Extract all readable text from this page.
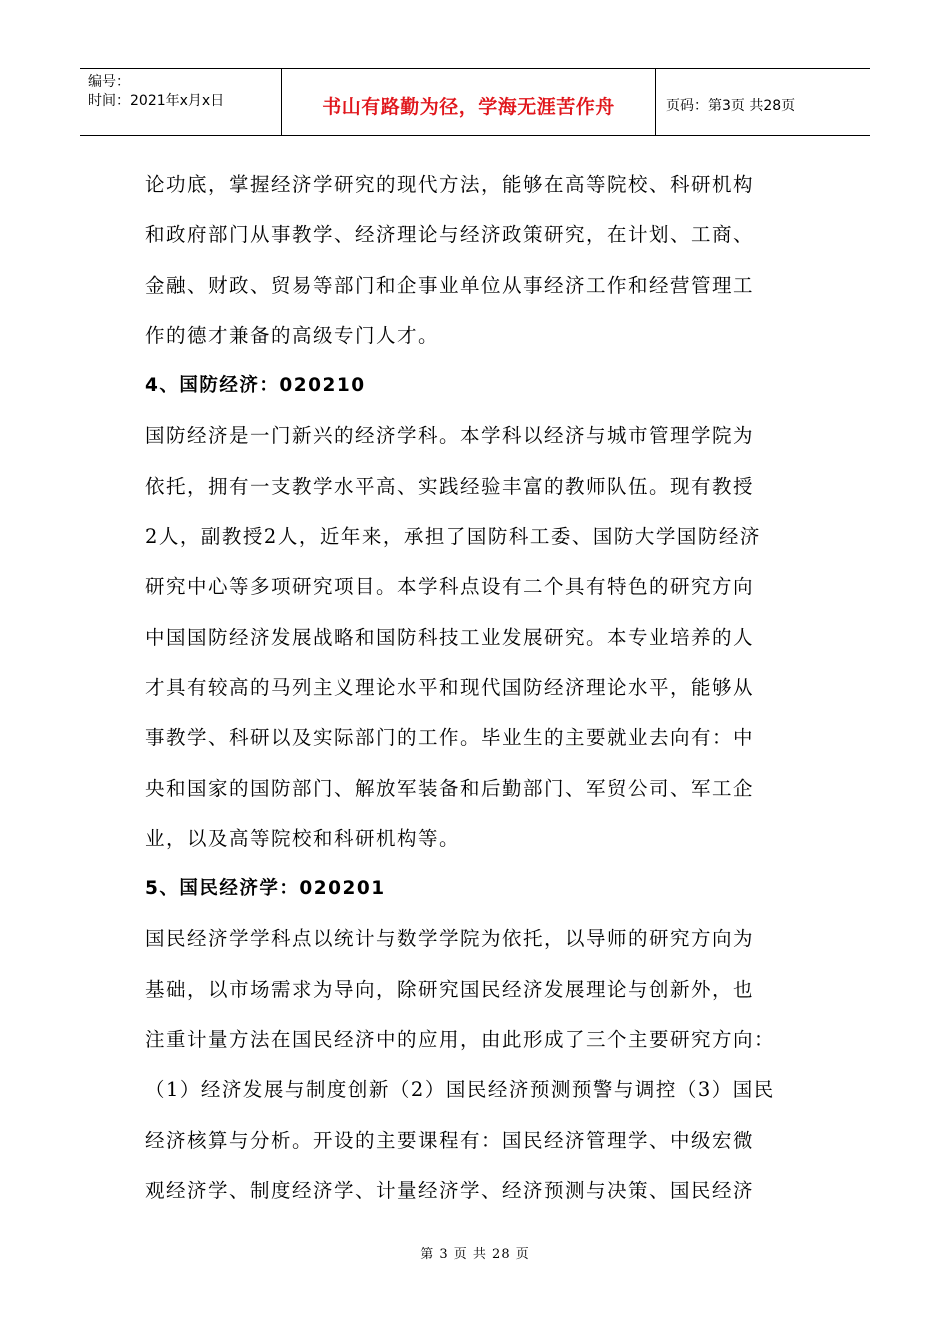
编号：
时间：2021年x月x日	书山有路勤为径，学海无涯苦作舟	页码：第3页 共28页
论功底，掌握经济学研究的现代方法，能够在高等院校、科研机构
和政府部门从事教学、经济理论与经济政策研究，在计划、工商、
金融、财政、贸易等部门和企事业单位从事经济工作和经营管理工
作的德才兼备的高级专门人才。
4、国防经济：020210
国防经济是一门新兴的经济学科。本学科以经济与城市管理学院为
依托，拥有一支教学水平高、实践经验丰富的教师队伍。现有教授
2人，副教授2人，近年来，承担了国防科工委、国防大学国防经济
研究中心等多项研究项目。本学科点设有二个具有特色的研究方向
中国国防经济发展战略和国防科技工业发展研究。本专业培养的人
才具有较高的马列主义理论水平和现代国防经济理论水平，能够从
事教学、科研以及实际部门的工作。毕业生的主要就业去向有：中
央和国家的国防部门、解放军装备和后勤部门、军贸公司、军工企
业，以及高等院校和科研机构等。
5、国民经济学：020201
国民经济学学科点以统计与数学学院为依托，以导师的研究方向为
基础，以市场需求为导向，除研究国民经济发展理论与创新外，也
注重计量方法在国民经济中的应用，由此形成了三个主要研究方向：
（1）经济发展与制度创新（2）国民经济预测预警与调控（3）国民
经济核算与分析。开设的主要课程有：国民经济管理学、中级宏微
观经济学、制度经济学、计量经济学、经济预测与决策、国民经济
第 3 页 共 28 页
